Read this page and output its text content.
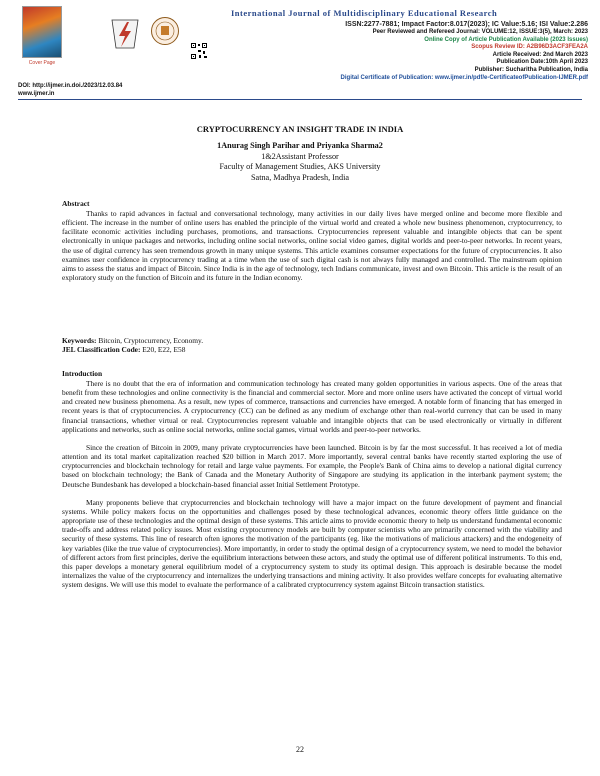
Cover Page
DOI: http://ijmer.in.doi./2023/12.03.84
www.ijmer.in
International Journal of Multidisciplinary Educational Research
ISSN:2277-7881; Impact Factor:8.017(2023); IC Value:5.16; ISI Value:2.286
Peer Reviewed and Refereed Journal: VOLUME:12, ISSUE:3(5), March: 2023
Online Copy of Article Publication Available (2023 Issues)
Scopus Review ID: A2B96D3ACF3FEA2A
Article Received: 2nd March 2023
Publication Date:10th April 2023
Publisher: Sucharitha Publication, India
Digital Certificate of Publication: www.ijmer.in/pdf/e-CertificateofPublication-IJMER.pdf
CRYPTOCURRENCY AN INSIGHT TRADE IN INDIA
1Anurag Singh Parihar and Priyanka Sharma2
1&2Assistant Professor
Faculty of Management Studies, AKS University
Satna, Madhya Pradesh, India
Abstract

Thanks to rapid advances in factual and conversational technology, many activities in our daily lives have merged online and become more flexible and efficient. The increase in the number of online users has enabled the principle of the virtual world and created a whole new business phenomenon, cryptocurrency, to facilitate economic activities including purchases, promotions, and transactions. Cryptocurrencies represent valuable and intangible objects that can be spent electronically in unique packages and networks, including online social networks, online social video games, digital worlds and peer-to-peer networks. In recent years, the use of digital currency has seen tremendous growth in many unique systems. This article examines consumer expectations for the future of cryptocurrencies. It also examines user confidence in cryptocurrency trading at a time when the use of such digital cash is not always fully managed and controlled. The mainstream opinion aims to assess the status and impact of Bitcoin. Since India is in the age of technology, tech Indians communicate, invest and own Bitcoin. This article is the result of an exploratory study on the function of Bitcoin and its future in the Indian economy.

Keywords: Bitcoin, Cryptocurrency, Economy.
JEL Classification Code: E20, E22, E58
Introduction

There is no doubt that the era of information and communication technology has created many golden opportunities in various aspects. One of the areas that benefit from these technologies and online connectivity is the financial and commercial sector. More and more online users have activated the concept of virtual world and created new business phenomena. As a result, new types of commerce, transactions and currencies have emerged. A notable form of financing that has emerged in recent years is that of cryptocurrencies. A cryptocurrency (CC) can be defined as any medium of exchange other than real-world currency that can be used in many financial transactions, whether virtual or real. Cryptocurrencies represent valuable and intangible objects that can be used electronically or virtually in different applications and networks, such as online social networks, online social games, virtual worlds and peer-to-peer networks.

Since the creation of Bitcoin in 2009, many private cryptocurrencies have been launched. Bitcoin is by far the most successful. It has received a lot of media attention and its total market capitalization reached $20 billion in March 2017. More importantly, several central banks have recently started exploring the use of cryptocurrencies and blockchain technology for retail and large value payments. For example, the People's Bank of China aims to develop a national digital currency based on blockchain technology; the Bank of Canada and the Monetary Authority of Singapore are studying its application in the interbank payment system; the Deutsche Bundesbank has developed a blockchain-based financial asset Initial Settlement Prototype.

Many proponents believe that cryptocurrencies and blockchain technology will have a major impact on the future development of payment and financial systems. While policy makers focus on the opportunities and challenges posed by these technological advances, economic theory offers little guidance on the appropriate use of these technologies and the optimal design of these systems. This article aims to provide economic theory to help us understand fundamental economic trade-offs and address related policy issues. Most existing cryptocurrency models are built by computer scientists who are primarily concerned with the viability and security of these systems. This line of research often ignores the motivation of the participants (eg. like the motivations of malicious attackers) and the endogeneity of key variables (like the true value of cryptocurrencies). More importantly, in order to study the optimal design of a cryptocurrency system, we need to model the behavior of different actors from first principles, derive the equilibrium interactions between these actors, and study the optimal use of different political instruments. To this end, this paper develops a monetary general equilibrium model of a cryptocurrency system to study its optimal design. This approach is desirable because the model internalizes the value of the cryptocurrency and internalizes the underlying transactions and mining activity. It also provides welfare concepts for evaluating alternative system designs. We will use this model to evaluate the performance of a calibrated cryptocurrency system against Bitcoin transaction statistics.

22
